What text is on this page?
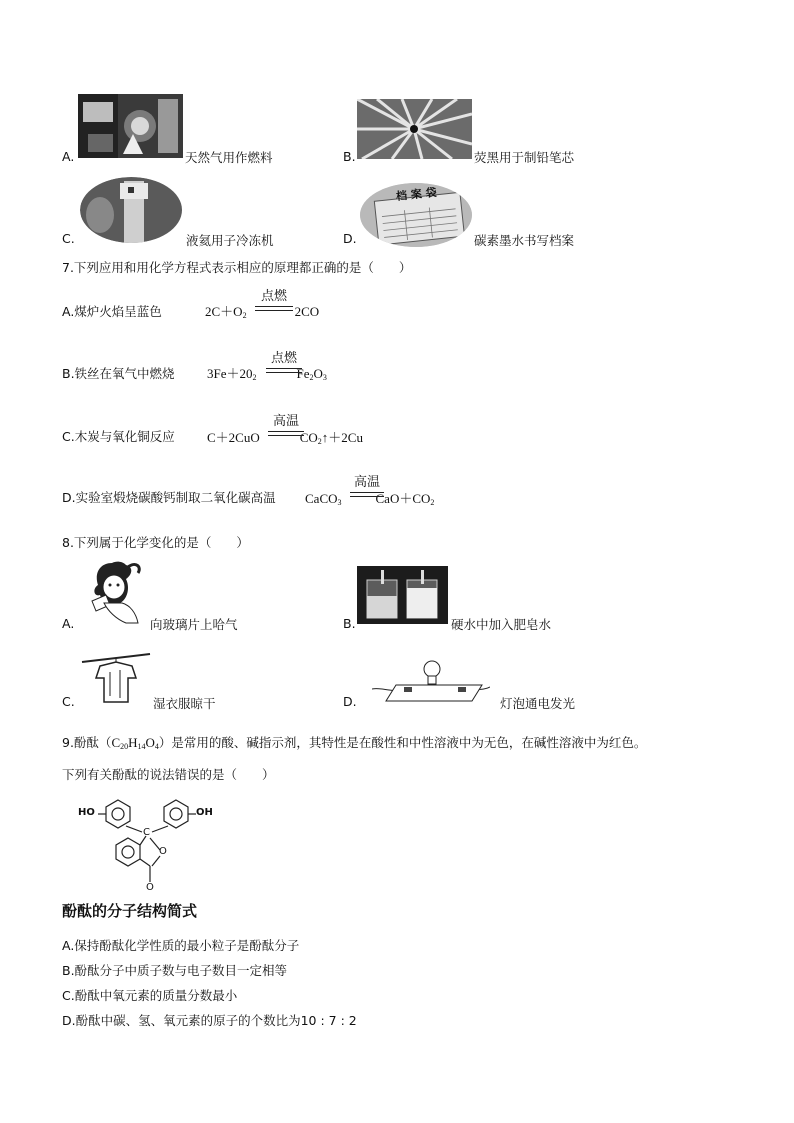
A.	天然气用作燃料	B.	荧黑用于制铅笔芯
C.	液氦用子冷冻机
档 案 袋
D.	碳素墨水书写档案
7.下列应用和用化学方程式表示相应的原理都正确的是（　　）
A.煤炉火焰呈蓝色	$2C+O_2$	2CO
点燃
B.铁丝在氧气中燃烧 $3Fe+20_2$	$Fe_2O_3$
点燃
C.木炭与氧化铜反应 C＋2CuO	$CO_2↑+2Cu$
高温
D.实验室煅烧碳酸钙制取二氧化碳高温 CaCO$_3$	$CaO+CO_2$
高温
8.下列属于化学变化的是（　　）
A.	向玻璃片上哈气	B.	硬水中加入肥皂水
C.	湿衣服晾干	D.	灯泡通电发光
9.酚酞$(C_{20}H_{14}O_4)$是常用的酸、碱指示剂，其特性是在酸性和中性溶液中为无色，在碱性溶液中为红色。
下列有关酚酞的说法错误的是（　　）
HO	OH
C
O
O
酚酞的分子结构简式
A.保持酚酞化学性质的最小粒子是酚酞分子
B.酚酞分子中质子数与电子数目一定相等
C.酚酞中氧元素的质量分数最小
D.酚酞中碳、氢、氧元素的原子的个数比为10 : 7 : 2
